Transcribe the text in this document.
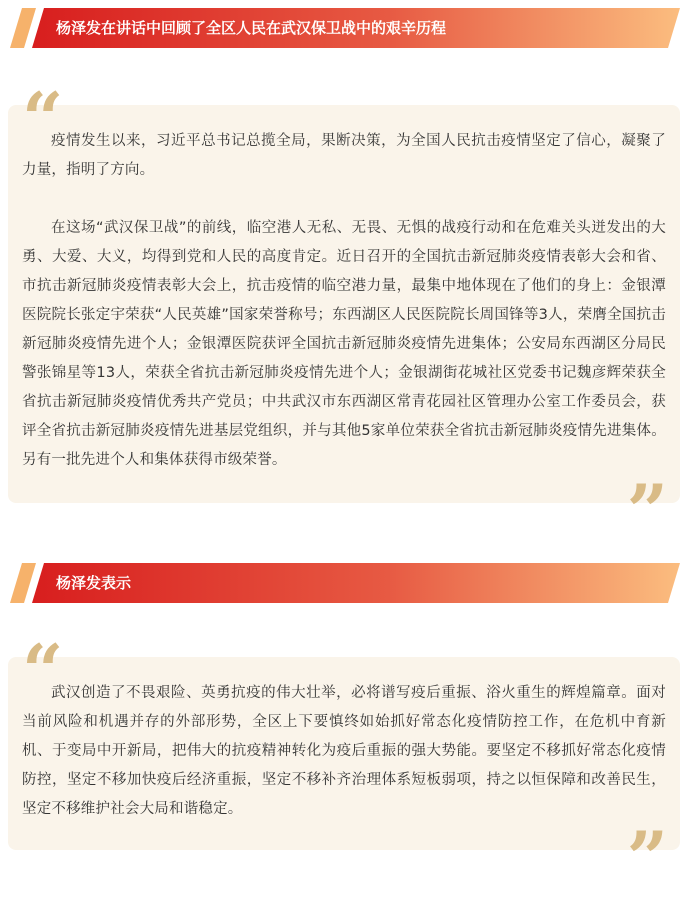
杨泽发在讲话中回顾了全区人民在武汉保卫战中的艰辛历程
“

疫情发生以来，习近平总书记总揽全局，果断决策，为全国人民抗击疫情坚定了信心，凝聚了力量，指明了方向。

在这场“武汉保卫战”的前线，临空港人无私、无畏、无惧的战疫行动和在危难关头迸发出的大勇、大爱、大义，均得到党和人民的高度肯定。近日召开的全国抗击新冠肺炎疫情表彰大会和省、市抗击新冠肺炎疫情表彰大会上，抗击疫情的临空港力量，最集中地体现在了他们的身上：金银潭医院院长张定宇荣获“人民英雄”国家荣誉称号；东西湖区人民医院院长周国锋等3人，荣膺全国抗击新冠肺炎疫情先进个人；金银潭医院获评全国抗击新冠肺炎疫情先进集体；公安局东西湖区分局民警张锦星等13人，荣获全省抗击新冠肺炎疫情先进个人；金银湖街花城社区党委书记魏彦辉荣获全省抗击新冠肺炎疫情优秀共产党员；中共武汉市东西湖区常青花园社区管理办公室工作委员会，获评全省抗击新冠肺炎疫情先进基层党组织，并与其他5家单位荣获全省抗击新冠肺炎疫情先进集体。另有一批先进个人和集体获得市级荣誉。

”
杨泽发表示
“

武汉创造了不畏艰险、英勇抗疫的伟大壮举，必将谱写疫后重振、浴火重生的辉煌篇章。面对当前风险和机遇并存的外部形势，全区上下要慎终如始抓好常态化疫情防控工作，在危机中育新机、于变局中开新局，把伟大的抗疫精神转化为疫后重振的强大势能。要坚定不移抓好常态化疫情防控，坚定不移加快疫后经济重振，坚定不移补齐治理体系短板弱项，持之以恒保障和改善民生，坚定不移维护社会大局和谐稳定。

”
